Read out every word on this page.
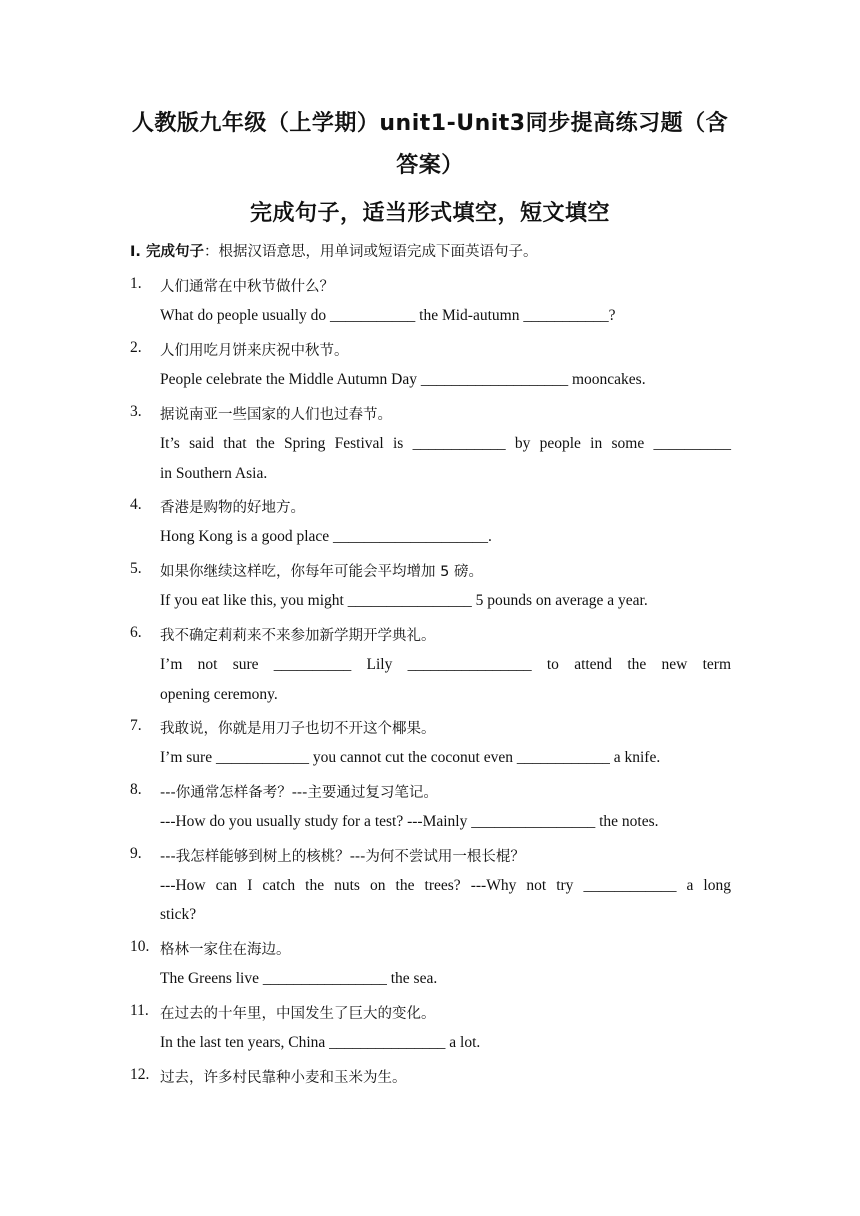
人教版九年级（上学期）unit1-Unit3同步提高练习题（含
答案）
完成句子，适当形式填空，短文填空
I. 完成句子：根据汉语意思，用单词或短语完成下面英语句子。
1. 人们通常在中秋节做什么？
What do people usually do ___________ the Mid-autumn ___________?
2. 人们用吃月饼来庆祝中秋节。
People celebrate the Middle Autumn Day ___________________ mooncakes.
3. 据说南亚一些国家的人们也过春节。
It’s said that the Spring Festival is ____________ by people in some __________
in Southern Asia.
4. 香港是购物的好地方。
Hong Kong is a good place ____________________.
5. 如果你继续这样吃，你每年可能会平均增加 5 磅。
If you eat like this, you might ________________ 5 pounds on average a year.
6. 我不确定莉莉来不来参加新学期开学典礼。
I’m not sure __________ Lily ________________ to attend the new term
opening ceremony.
7. 我敢说，你就是用刀子也切不开这个椰果。
I’m sure ____________ you cannot cut the coconut even ____________ a knife.
8. ---你通常怎样备考？---主要通过复习笔记。
---How do you usually study for a test? ---Mainly ________________ the notes.
9. ---我怎样能够到树上的核桃？---为何不尝试用一根长棍？
---How can I catch the nuts on the trees? ---Why not try ____________ a long
stick?
10. 格林一家住在海边。
The Greens live ________________ the sea.
11. 在过去的十年里，中国发生了巨大的变化。
In the last ten years, China _______________ a lot.
12. 过去，许多村民靠种小麦和玉米为生。
